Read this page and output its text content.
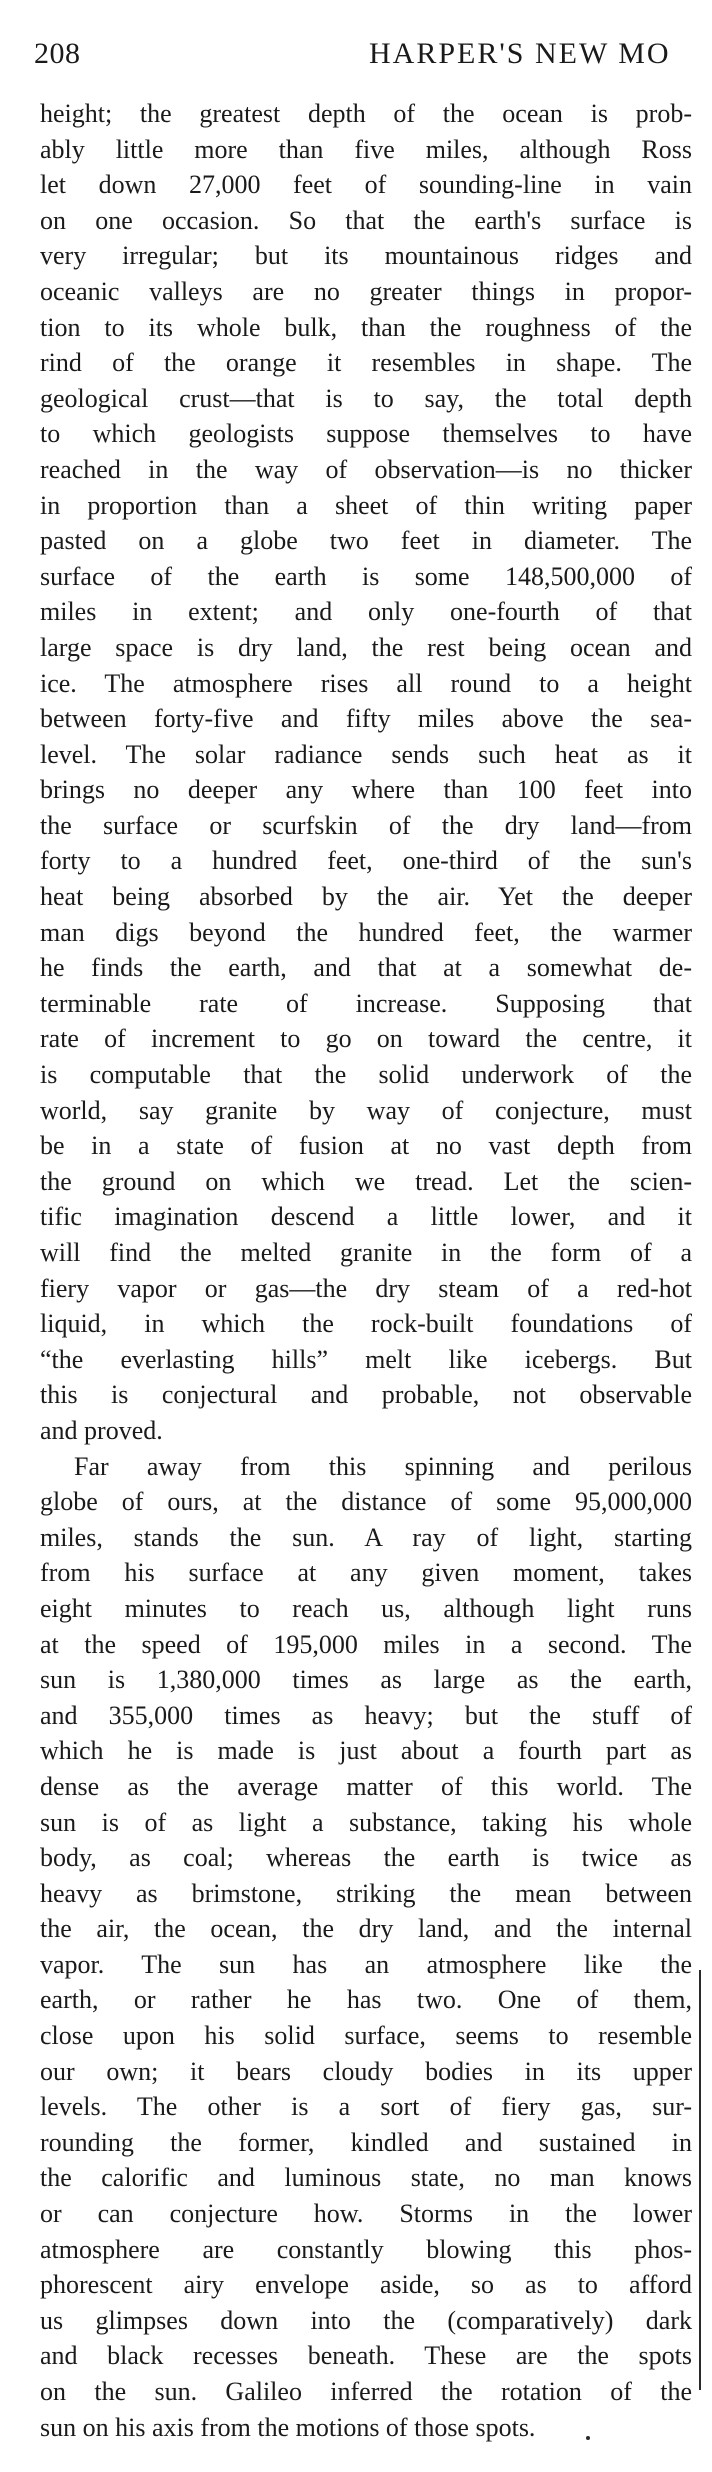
208	HARPER'S NEW MO

height; the greatest depth of the ocean is prob-
ably little more than five miles, although Ross
let down 27,000 feet of sounding-line in vain
on one occasion. So that the earth's surface is
very irregular; but its mountainous ridges and
oceanic valleys are no greater things in propor-
tion to its whole bulk, than the roughness of the
rind of the orange it resembles in shape. The
geological crust—that is to say, the total depth
to which geologists suppose themselves to have
reached in the way of observation—is no thicker
in proportion than a sheet of thin writing paper
pasted on a globe two feet in diameter. The
surface of the earth is some 148,500,000 of
miles in extent; and only one-fourth of that
large space is dry land, the rest being ocean and
ice. The atmosphere rises all round to a height
between forty-five and fifty miles above the sea-
level. The solar radiance sends such heat as it
brings no deeper any where than 100 feet into
the surface or scurfskin of the dry land—from
forty to a hundred feet, one-third of the sun's
heat being absorbed by the air. Yet the deeper
man digs beyond the hundred feet, the warmer
he finds the earth, and that at a somewhat de-
terminable rate of increase. Supposing that
rate of increment to go on toward the centre, it
is computable that the solid underwork of the
world, say granite by way of conjecture, must
be in a state of fusion at no vast depth from
the ground on which we tread. Let the scien-
tific imagination descend a little lower, and it
will find the melted granite in the form of a
fiery vapor or gas—the dry steam of a red-hot
liquid, in which the rock-built foundations of
“the everlasting hills” melt like icebergs. But
this is conjectural and probable, not observable
and proved.

Far away from this spinning and perilous
globe of ours, at the distance of some 95,000,000
miles, stands the sun. A ray of light, starting
from his surface at any given moment, takes
eight minutes to reach us, although light runs
at the speed of 195,000 miles in a second. The
sun is 1,380,000 times as large as the earth,
and 355,000 times as heavy; but the stuff of
which he is made is just about a fourth part as
dense as the average matter of this world. The
sun is of as light a substance, taking his whole
body, as coal; whereas the earth is twice as
heavy as brimstone, striking the mean between
the air, the ocean, the dry land, and the internal
vapor. The sun has an atmosphere like the
earth, or rather he has two. One of them,
close upon his solid surface, seems to resemble
our own; it bears cloudy bodies in its upper
levels. The other is a sort of fiery gas, sur-
rounding the former, kindled and sustained in
the calorific and luminous state, no man knows
or can conjecture how. Storms in the lower
atmosphere are constantly blowing this phos-
phorescent airy envelope aside, so as to afford
us glimpses down into the (comparatively) dark
and black recesses beneath. These are the spots
on the sun. Galileo inferred the rotation of the
sun on his axis from the motions of those spots.
